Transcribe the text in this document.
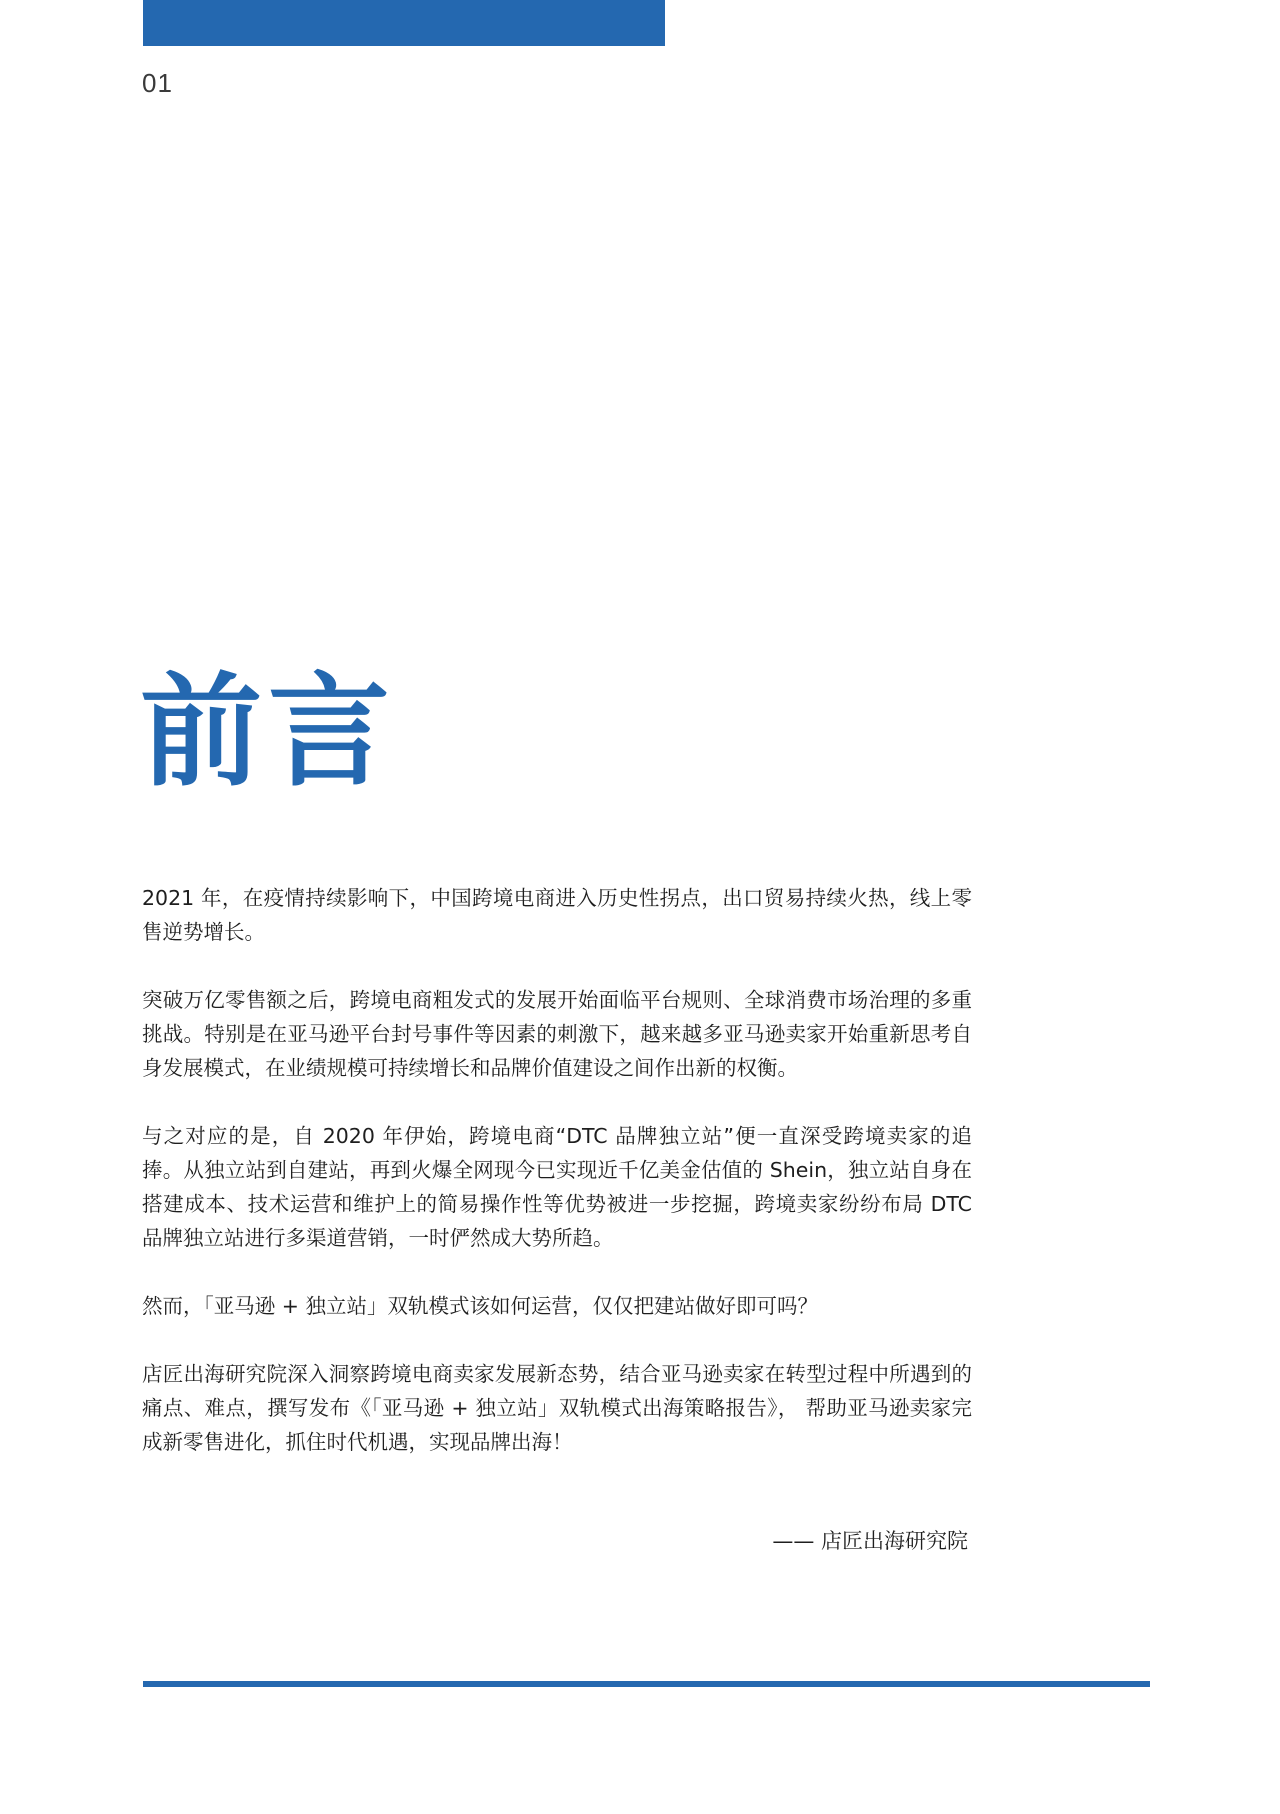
01
前言

2021 年，在疫情持续影响下，中国跨境电商进入历史性拐点，出口贸易持续火热，线上零售逆势增长。

突破万亿零售额之后，跨境电商粗发式的发展开始面临平台规则、全球消费市场治理的多重挑战。特别是在亚马逊平台封号事件等因素的刺激下，越来越多亚马逊卖家开始重新思考自身发展模式，在业绩规模可持续增长和品牌价值建设之间作出新的权衡。

与之对应的是，自 2020 年伊始，跨境电商“DTC 品牌独立站”便一直深受跨境卖家的追捧。从独立站到自建站，再到火爆全网现今已实现近千亿美金估值的 Shein，独立站自身在搭建成本、技术运营和维护上的简易操作性等优势被进一步挖掘，跨境卖家纷纷布局 DTC 品牌独立站进行多渠道营销，一时俨然成大势所趋。

然而，「亚马逊 + 独立站」双轨模式该如何运营，仅仅把建站做好即可吗？

店匠出海研究院深入洞察跨境电商卖家发展新态势，结合亚马逊卖家在转型过程中所遇到的痛点、难点，撰写发布《「亚马逊 + 独立站」双轨模式出海策略报告》， 帮助亚马逊卖家完成新零售进化，抓住时代机遇，实现品牌出海！

—— 店匠出海研究院
